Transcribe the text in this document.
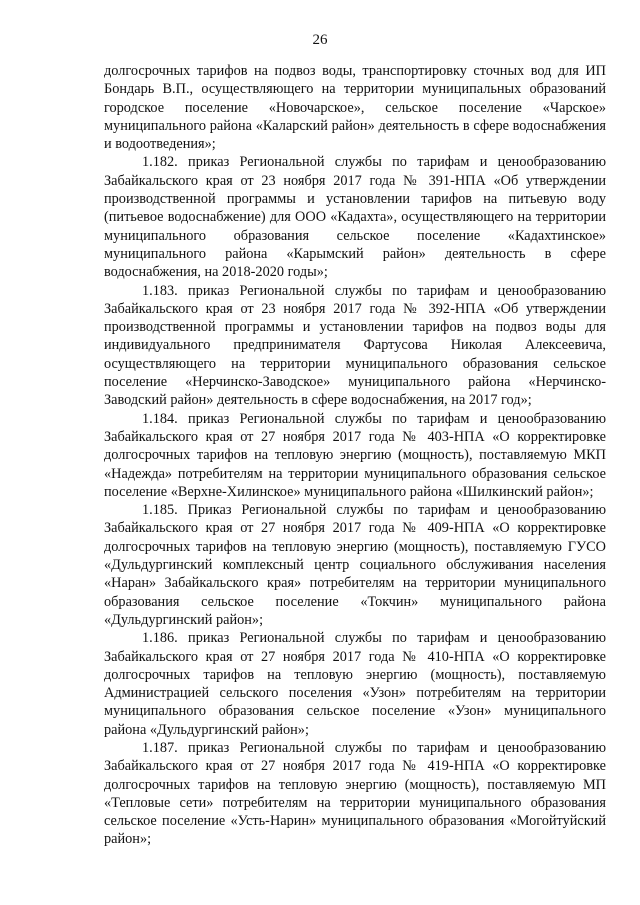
26

долгосрочных тарифов на подвоз воды, транспортировку сточных вод для ИП Бондарь В.П., осуществляющего на территории муниципальных образований городское поселение «Новочарское», сельское поселение «Чарское» муниципального района «Каларский район» деятельность в сфере водоснабжения и водоотведения»;

1.182. приказ Региональной службы по тарифам и ценообразованию Забайкальского края от 23 ноября 2017 года № 391-НПА «Об утверждении производственной программы и установлении тарифов на питьевую воду (питьевое водоснабжение) для ООО «Кадахта», осуществляющего на территории муниципального образования сельское поселение «Кадахтинское» муниципального района «Карымский район» деятельность в сфере водоснабжения, на 2018-2020 годы»;

1.183. приказ Региональной службы по тарифам и ценообразованию Забайкальского края от 23 ноября 2017 года № 392-НПА «Об утверждении производственной программы и установлении тарифов на подвоз воды для индивидуального предпринимателя Фартусова Николая Алексеевича, осуществляющего на территории муниципального образования сельское поселение «Нерчинско-Заводское» муниципального района «Нерчинско-Заводский район» деятельность в сфере водоснабжения, на 2017 год»;

1.184. приказ Региональной службы по тарифам и ценообразованию Забайкальского края от 27 ноября 2017 года № 403-НПА «О корректировке долгосрочных тарифов на тепловую энергию (мощность), поставляемую МКП «Надежда» потребителям на территории муниципального образования сельское поселение «Верхне-Хилинское» муниципального района «Шилкинский район»;

1.185. Приказ Региональной службы по тарифам и ценообразованию Забайкальского края от 27 ноября 2017 года № 409-НПА «О корректировке долгосрочных тарифов на тепловую энергию (мощность), поставляемую ГУСО «Дульдургинский комплексный центр социального обслуживания населения «Наран» Забайкальского края» потребителям на территории муниципального образования сельское поселение «Токчин» муниципального района «Дульдургинский район»;

1.186. приказ Региональной службы по тарифам и ценообразованию Забайкальского края от 27 ноября 2017 года № 410-НПА «О корректировке долгосрочных тарифов на тепловую энергию (мощность), поставляемую Администрацией сельского поселения «Узон» потребителям на территории муниципального образования сельское поселение «Узон» муниципального района «Дульдургинский район»;

1.187. приказ Региональной службы по тарифам и ценообразованию Забайкальского края от 27 ноября 2017 года № 419-НПА «О корректировке долгосрочных тарифов на тепловую энергию (мощность), поставляемую МП «Тепловые сети» потребителям на территории муниципального образования сельское поселение «Усть-Нарин» муниципального образования «Могойтуйский район»;
